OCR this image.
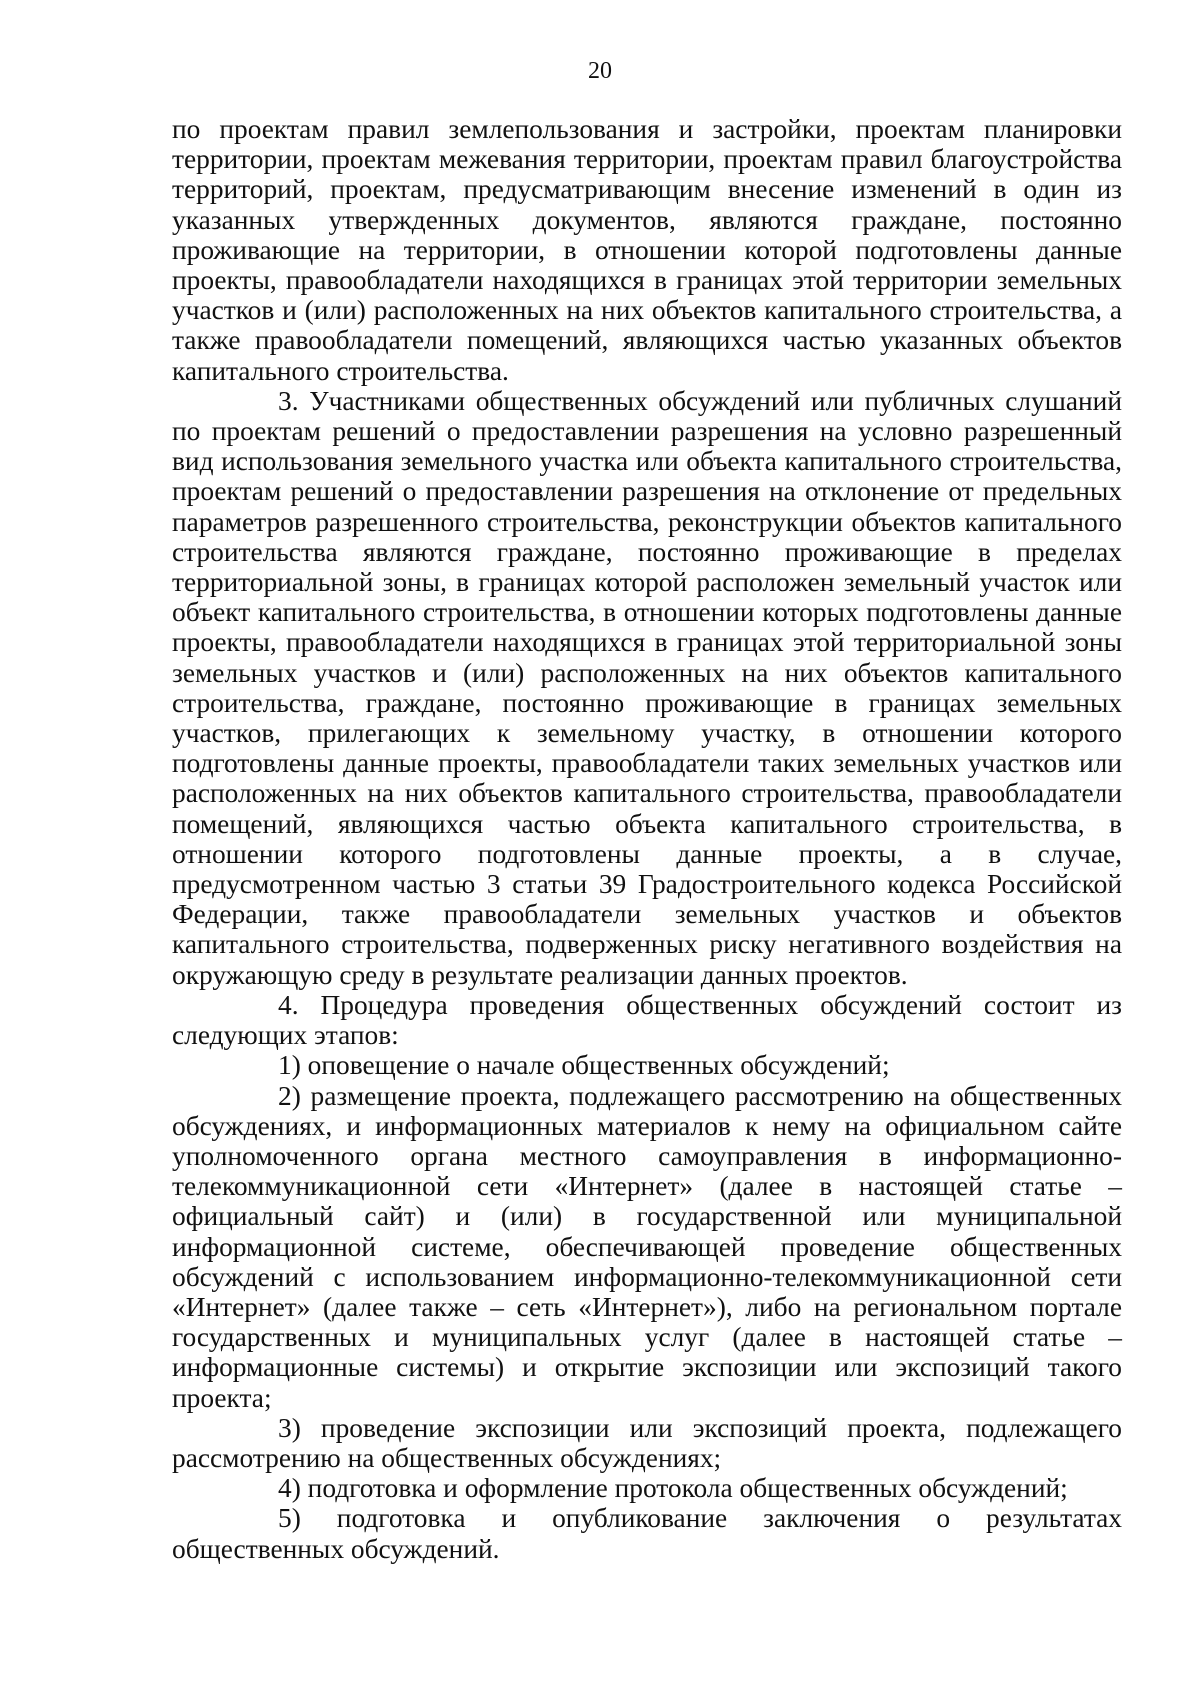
20

по проектам правил землепользования и застройки, проектам планировки территории, проектам межевания территории, проектам правил благоустройства территорий, проектам, предусматривающим внесение изменений в один из указанных утвержденных документов, являются граждане, постоянно проживающие на территории, в отношении которой подготовлены данные проекты, правообладатели находящихся в границах этой территории земельных участков и (или) расположенных на них объектов капитального строительства, а также правообладатели помещений, являющихся частью указанных объектов капитального строительства.

3. Участниками общественных обсуждений или публичных слушаний по проектам решений о предоставлении разрешения на условно разрешенный вид использования земельного участка или объекта капитального строительства, проектам решений о предоставлении разрешения на отклонение от предельных параметров разрешенного строительства, реконструкции объектов капитального строительства являются граждане, постоянно проживающие в пределах территориальной зоны, в границах которой расположен земельный участок или объект капитального строительства, в отношении которых подготовлены данные проекты, правообладатели находящихся в границах этой территориальной зоны земельных участков и (или) расположенных на них объектов капитального строительства, граждане, постоянно проживающие в границах земельных участков, прилегающих к земельному участку, в отношении которого подготовлены данные проекты, правообладатели таких земельных участков или расположенных на них объектов капитального строительства, правообладатели помещений, являющихся частью объекта капитального строительства, в отношении которого подготовлены данные проекты, а в случае, предусмотренном частью 3 статьи 39 Градостроительного кодекса Российской Федерации, также правообладатели земельных участков и объектов капитального строительства, подверженных риску негативного воздействия на окружающую среду в результате реализации данных проектов.

4. Процедура проведения общественных обсуждений состоит из следующих этапов:

1) оповещение о начале общественных обсуждений;

2) размещение проекта, подлежащего рассмотрению на общественных обсуждениях, и информационных материалов к нему на официальном сайте уполномоченного органа местного самоуправления в информационно-телекоммуникационной сети «Интернет» (далее в настоящей статье – официальный сайт) и (или) в государственной или муниципальной информационной системе, обеспечивающей проведение общественных обсуждений с использованием информационно-телекоммуникационной сети «Интернет» (далее также – сеть «Интернет»), либо на региональном портале государственных и муниципальных услуг (далее в настоящей статье – информационные системы) и открытие экспозиции или экспозиций такого проекта;

3) проведение экспозиции или экспозиций проекта, подлежащего рассмотрению на общественных обсуждениях;

4) подготовка и оформление протокола общественных обсуждений;

5) подготовка и опубликование заключения о результатах общественных обсуждений.
